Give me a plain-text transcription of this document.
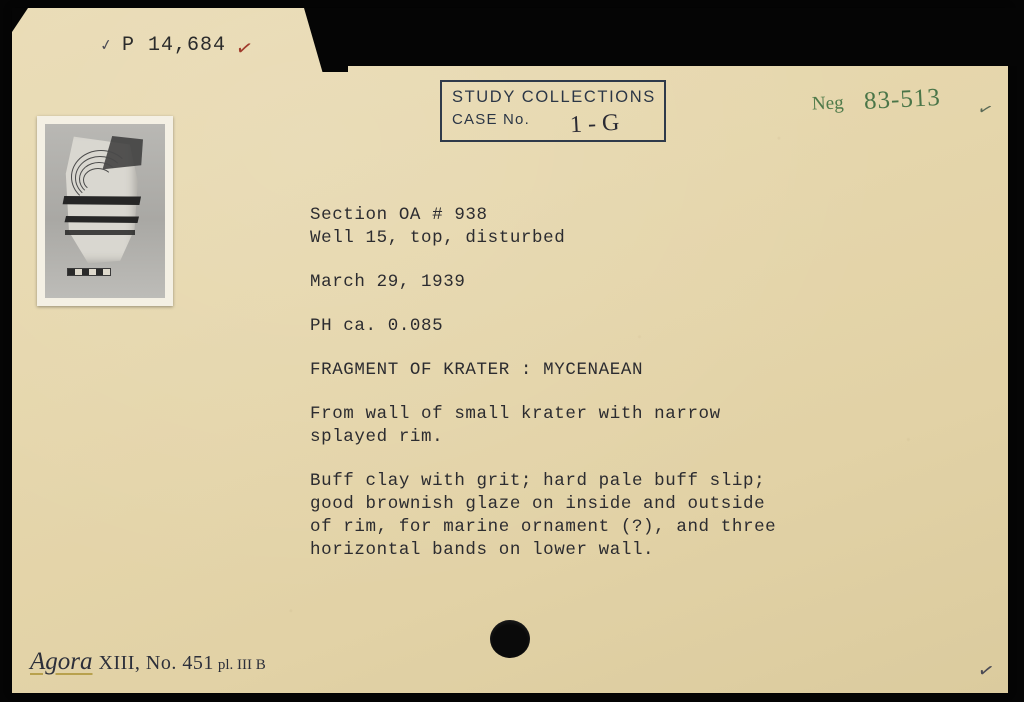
✓ P 14,684 ✓
STUDY COLLECTIONS
CASE No.	1 - G
Neg 83-513 ✓
Section OA # 938
Well 15, top, disturbed
March 29, 1939
PH ca. 0.085
FRAGMENT OF KRATER : MYCENAEAN
From wall of small krater with narrow
splayed rim.
Buff clay with grit; hard pale buff slip;
good brownish glaze on inside and outside
of rim, for marine ornament (?), and three
horizontal bands on lower wall.
Agora XIII, No. 451 pl. III B	✓
